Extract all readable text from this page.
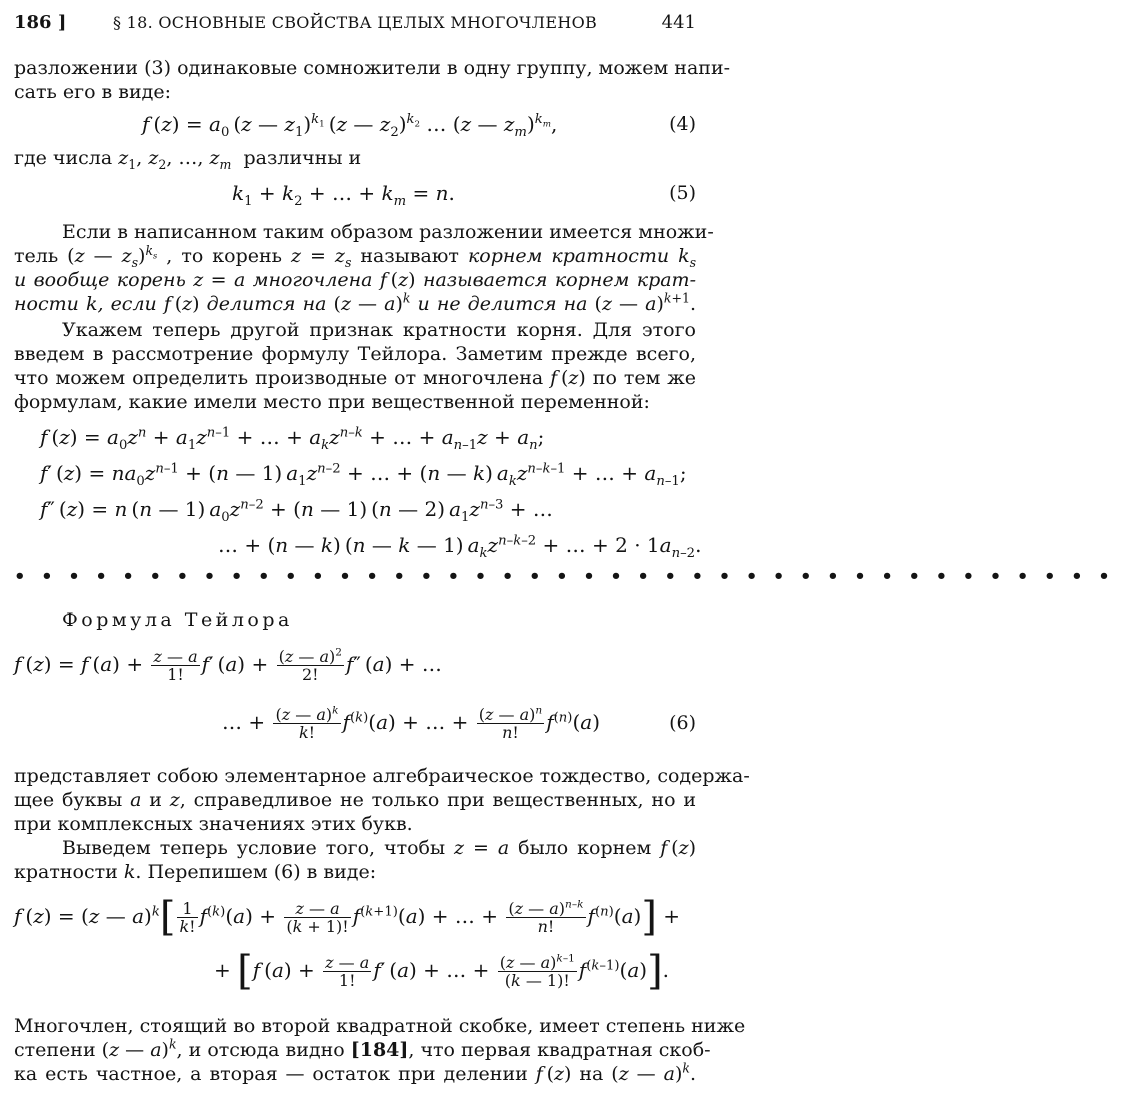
186 ]	§ 18. ОСНОВНЫЕ СВОЙСТВА ЦЕЛЫХ МНОГОЧЛЕНОВ	441
разложении (3) одинаковые сомножители в одну группу, можем напи-
сать его в виде:
f $(z) = a_0$ (z — $z_1)^{k_1}$ (z — $z_2)^{k_2}$ … (z — $z_m)^{k_m}$,	(4)
где числа $z_1$, $z_2$, …, $z_m$ различны и
$k_1 + k_2$ + … + $k_m = n$.	(5)
Если в написанном таким образом разложении имеется множи-
тель (z — $z_s)^{k_s}$ , то корень $z = z_s$ называют корнем кратности $k_s$
и вообще корень z = a многочлена f (z) называется корнем крат-
ности k, если f (z) делится на (z — a)$^k$ и не делится на (z — a)$^{k+1}$.
Укажем теперь другой признак кратности корня. Для этого
введем в рассмотрение формулу Тейлора. Заметим прежде всего,
что можем определить производные от многочлена f (z) по тем же
формулам, какие имели место при вещественной переменной:
f $(z) = a_0z^n + a_1z^{n-1}$ + … + $a_kz^{n-k}$ + … + $a_{n-1}z + a_n$;
f′ $(z) = na_0z^{n-1} + (n$ — 1) $a_1z^{n-2}$ + … + (n — k) $a_kz^{n-k-1}$ + … + $a_{n-1}$;
f″ (z) = n (n — 1) $a_0z^{n-2} + (n$ — 1) (n — 2) $a_1z^{n-3}$ + …
… + (n — k) (n — k — 1) $a_kz^{n-k-2}$ + … + $2 \cdot 1a_{n-2}$.
•••••••••••••••••••••••••••••••••••••••••
Формула Тейлора
f (z) = f $(a) + \frac{z — a}{1!} f'$ $(a) + \frac{(z — a)^2}{2!} f''$ (a) + …
… + $\frac{(z — a)^k}{k!} f^{(k)}(a)$ + … + $\frac{(z — a)^n}{n!} f^{(n)}(a)$	(6)
представляет собою элементарное алгебраическое тождество, содержа-
щее буквы a и z, справедливое не только при вещественных, но и
при комплексных значениях этих букв.
Выведем теперь условие того, чтобы z = a было корнем f (z)
кратности k. Перепишем (6) в виде:
f (z) = (z — $a)^k[ \frac{1}{k!} f^{(k)}(a) + \frac{z — a}{(k + 1)!} f^{(k+1)}(a)$ + … + $\frac{(z — a)^{n-k}}{n!} f^{(n)}(a)$] +
+ [f $(a) + \frac{z — a}{1!} f'$ (a) + … + $\frac{(z — a)^{k-1}}{(k — 1)!} f^{(k-1)}(a)$].
Многочлен, стоящий во второй квадратной скобке, имеет степень ниже
степени (z — a)$^k$, и отсюда видно [184], что первая квадратная скоб-
ка есть частное, а вторая — остаток при делении f (z) на (z — a)$^k$.
